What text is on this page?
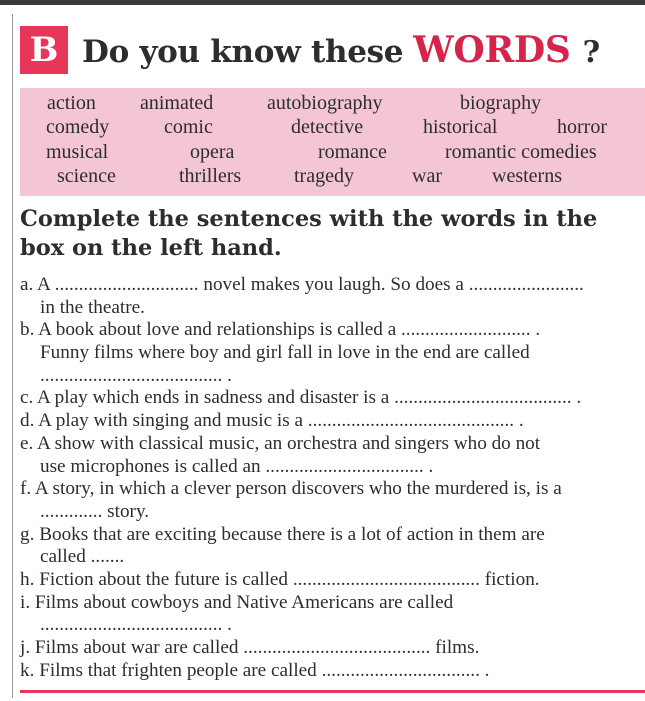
B Do you know these WORDS ?
action animated	autobiography	biography
comedy	comic	detective	historical	horror
musical	opera	romance	romantic comedies
science	thrillers	tragedy	war	westerns
Complete the sentences with the words in the box on the left hand.
a. A .............................. novel makes you laugh. So does a ........................
in the theatre.
b. A book about love and relationships is called a ........................... .
Funny films where boy and girl fall in love in the end are called
...................................... .
c. A play which ends in sadness and disaster is a ..................................... .
d. A play with singing and music is a ........................................... .
e. A show with classical music, an orchestra and singers who do not
use microphones is called an ................................. .
f. A story, in which a clever person discovers who the murdered is, is a
............. story.
g. Books that are exciting because there is a lot of action in them are
called .......
h. Fiction about the future is called ....................................... fiction.
i. Films about cowboys and Native Americans are called
...................................... .
j. Films about war are called ....................................... films.
k. Films that frighten people are called ................................. .
